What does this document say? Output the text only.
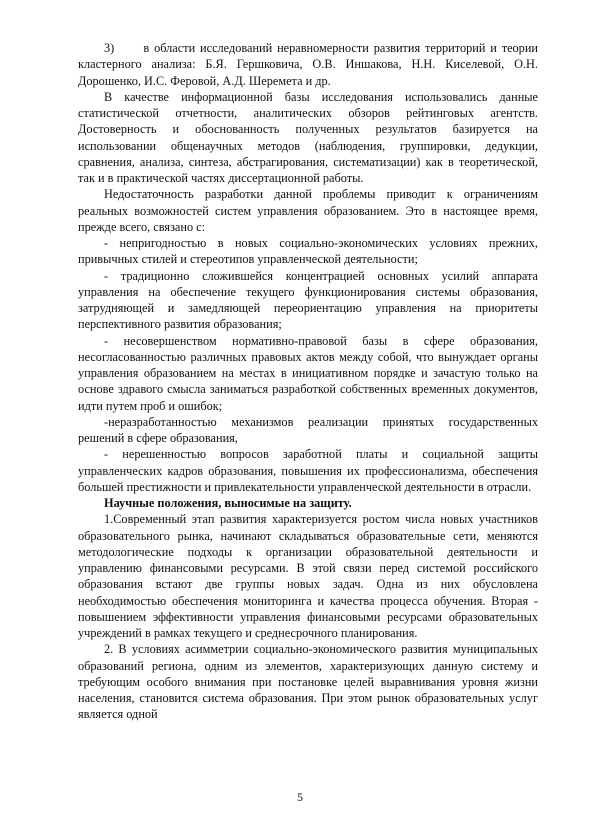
3)      в области исследований неравномерности развития территорий и теории кластерного анализа: Б.Я. Гершковича, О.В. Иншакова, Н.Н. Киселевой, О.Н. Дорошенко, И.С. Феровой, А.Д. Шеремета и др.

В качестве информационной базы исследования использовались данные статистической отчетности, аналитических обзоров рейтинговых агентств. Достоверность и обоснованность полученных результатов базируется на использовании общенаучных методов (наблюдения, группировки, дедукции, сравнения, анализа, синтеза, абстрагирования, систематизации) как в теоретической, так и в практической частях диссертационной работы.

Недостаточность разработки данной проблемы приводит к ограничениям реальных возможностей систем управления образованием. Это в настоящее время, прежде всего, связано с:

- непригодностью в новых социально-экономических условиях прежних, привычных стилей и стереотипов управленческой деятельности;

- традиционно сложившейся концентрацией основных усилий аппарата управления на обеспечение текущего функционирования системы образования, затрудняющей и замедляющей переориентацию управления на приоритеты перспективного развития образования;

- несовершенством нормативно-правовой базы в сфере образования, несогласованностью различных правовых актов между собой, что вынуждает органы управления образованием на местах в инициативном порядке и зачастую только на основе здравого смысла заниматься разработкой собственных временных документов, идти путем проб и ошибок;

-неразработанностью механизмов реализации принятых государственных решений в сфере образования,

- нерешенностью вопросов заработной платы и социальной защиты управленческих кадров образования, повышения их профессионализма, обеспечения большей престижности и привлекательности управленческой деятельности в отрасли.

Научные положения, выносимые на защиту.

1.Современный этап развития характеризуется ростом числа новых участников образовательного рынка, начинают складываться образовательные сети, меняются методологические подходы к организации образовательной деятельности и управлению финансовыми ресурсами. В этой связи перед системой российского образования встают две группы новых задач. Одна из них обусловлена необходимостью обеспечения мониторинга и качества процесса обучения. Вторая - повышением эффективности управления финансовыми ресурсами образовательных учреждений в рамках текущего и среднесрочного планирования.

2. В условиях асимметрии социально-экономического развития муниципальных образований региона, одним из элементов, характеризующих данную систему и требующим особого внимания при постановке целей выравнивания уровня жизни населения, становится система образования. При этом рынок образовательных услуг является одной

5
